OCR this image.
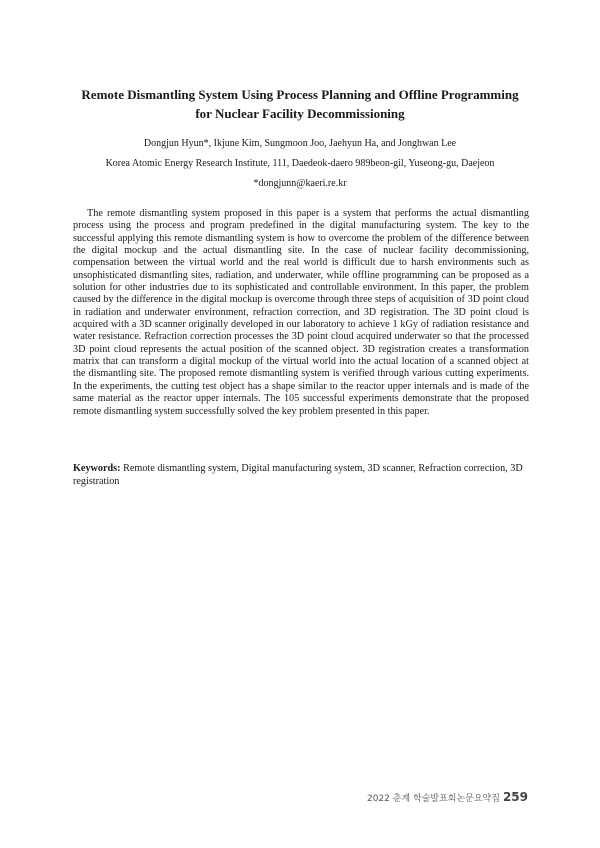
Remote Dismantling System Using Process Planning and Offline Programming
for Nuclear Facility Decommissioning
Dongjun Hyun*, Ikjune Kim, Sungmoon Joo, Jaehyun Ha, and Jonghwan Lee
Korea Atomic Energy Research Institute, 111, Daedeok-daero 989beon-gil, Yuseong-gu, Daejeon
*dongjunn@kaeri.re.kr

The remote dismantling system proposed in this paper is a system that performs the actual dismantling process using the process and program predefined in the digital manufacturing system. The key to the successful applying this remote dismantling system is how to overcome the problem of the difference between the digital mockup and the actual dismantling site. In the case of nuclear facility decommissioning, compensation between the virtual world and the real world is difficult due to harsh environments such as unsophisticated dismantling sites, radiation, and underwater, while offline programming can be proposed as a solution for other industries due to its sophisticated and controllable environment. In this paper, the problem caused by the difference in the digital mockup is overcome through three steps of acquisition of 3D point cloud in radiation and underwater environment, refraction correction, and 3D registration. The 3D point cloud is acquired with a 3D scanner originally developed in our laboratory to achieve 1 kGy of radiation resistance and water resistance. Refraction correction processes the 3D point cloud acquired underwater so that the processed 3D point cloud represents the actual position of the scanned object. 3D registration creates a transformation matrix that can transform a digital mockup of the virtual world into the actual location of a scanned object at the dismantling site. The proposed remote dismantling system is verified through various cutting experiments. In the experiments, the cutting test object has a shape similar to the reactor upper internals and is made of the same material as the reactor upper internals. The 105 successful experiments demonstrate that the proposed remote dismantling system successfully solved the key problem presented in this paper.

Keywords: Remote dismantling system, Digital manufacturing system, 3D scanner, Refraction correction, 3D registration

2022 춘계 학술발표회논문요약집 259
